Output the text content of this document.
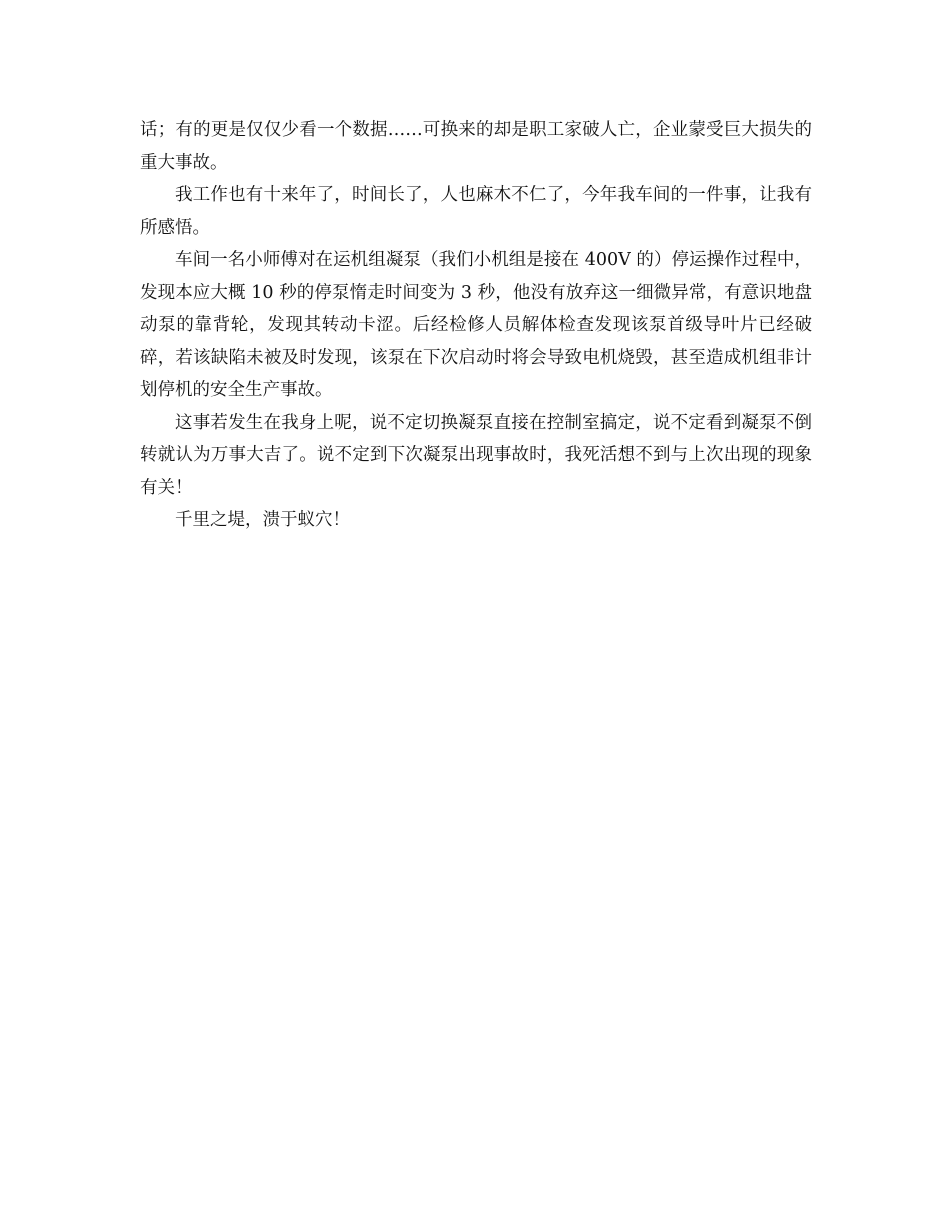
话；有的更是仅仅少看一个数据……可换来的却是职工家破人亡，企业蒙受巨大损失的重大事故。

我工作也有十来年了，时间长了，人也麻木不仁了，今年我车间的一件事，让我有所感悟。

车间一名小师傅对在运机组凝泵（我们小机组是接在 400V 的）停运操作过程中，发现本应大概 10 秒的停泵惰走时间变为 3 秒，他没有放弃这一细微异常，有意识地盘动泵的靠背轮，发现其转动卡涩。后经检修人员解体检查发现该泵首级导叶片已经破碎，若该缺陷未被及时发现，该泵在下次启动时将会导致电机烧毁，甚至造成机组非计划停机的安全生产事故。

这事若发生在我身上呢，说不定切换凝泵直接在控制室搞定，说不定看到凝泵不倒转就认为万事大吉了。说不定到下次凝泵出现事故时，我死活想不到与上次出现的现象有关！

千里之堤，溃于蚁穴！
